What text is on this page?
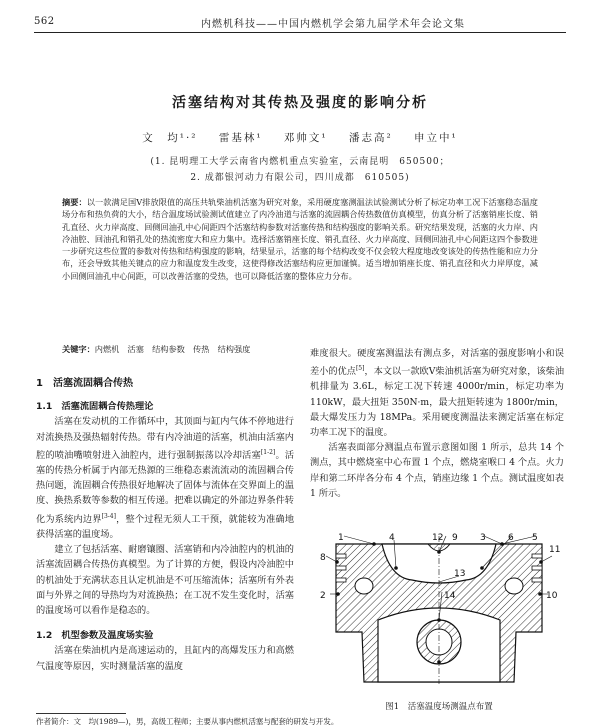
562	内燃机科技——中国内燃机学会第九届学术年会论文集
活塞结构对其传热及强度的影响分析
文　均¹·² 雷基林¹ 邓帅文¹ 潘志高² 申立中¹
(1. 昆明理工大学云南省内燃机重点实验室，云南昆明　650500；
2. 成都银河动力有限公司，四川成都　610505)
摘要：以一款满足国Ⅴ排放限值的高压共轨柴油机活塞为研究对象，采用硬度塞测温法试验测试分析了标定功率工况下活塞稳态温度场分布和热负荷的大小，结合温度场试验测试值建立了内冷油道与活塞的流固耦合传热数值仿真模型，仿真分析了活塞销座长度、销孔直径、火力岸高度、回侧回油孔中心间距四个活塞结构参数对活塞传热和结构强度的影响关系。研究结果发现，活塞的火力岸、内冷油腔、回油孔和销孔处的热流密度大和应力集中。选择活塞销座长度、销孔直径、火力岸高度、回侧回油孔中心间距这四个参数进一步研究这些位置的参数对传热和结构强度的影响，结果显示，活塞的每个结构改变不仅会较大程度地改变该处的传热性能和应力分布，还会导致其他关键点的应力和温度发生改变，这使得修改活塞结构应更加谨慎。适当增加销座长度、销孔直径和火力岸厚度，减小回侧回油孔中心间距，可以改善活塞的受热，也可以降低活塞的整体应力分布。
关键字：内燃机　活塞　结构参数　传热　结构强度

1　活塞流固耦合传热

1.1　活塞流固耦合传热理论

活塞在发动机的工作循环中，其顶面与缸内气体不停地进行对流换热及强热辐射传热。带有内冷油道的活塞，机油由活塞内腔的喷油嘴喷射进入油腔内，进行强制振荡以冷却活塞[1-2]。活塞的传热分析属于内部无热源的三维稳态素流流动的流固耦合传热问题，流固耦合传热很好地解决了固体与流体在交界面上的温度、换热系数等参数的相互传递。把难以确定的外部边界条件转化为系统内边界[3-4]，整个过程无须人工干预，就能较为准确地获得活塞的温度场。

建立了包括活塞、耐磨镶圈、活塞销和内冷油腔内的机油的活塞流固耦合传热仿真模型。为了计算的方便，假设内冷油腔中的机油处于充满状态且认定机油是不可压缩流体；活塞所有外表面与外界之间的导热均为对流换热；在工况不发生变化时，活塞的温度场可以看作是稳态的。

1.2　机型参数及温度场实验

活塞在柴油机内是高速运动的，且缸内的高爆发压力和高燃气温度等原因，实时测量活塞的温度

难度很大。硬度塞测温法有测点多，对活塞的强度影响小和误差小的优点[5]，本文以一款欧Ⅴ柴油机活塞为研究对象，该柴油机排量为 3.6L，标定工况下转速 4000r/min，标定功率为 110kW，最大扭矩 350N·m，最大扭矩转速为 1800r/min，最大爆发压力为 18MPa。采用硬度测温法来测定活塞在标定功率工况下的温度。

活塞表面部分测温点布置示意图如图 1 所示，总共 14 个测点，其中燃烧室中心布置 1 个点，燃烧室喉口 4 个点。火力岸和第二环岸各分布 4 个点，销座边缘 1 个点。测试温度如表 1 所示。

8
1	4	12 9 3 6 5
11
13
14
2	10
图1　活塞温度场测温点布置
作者简介：文　均(1989—)，男，高级工程师；主要从事内燃机活塞与配套的研发与开发。
